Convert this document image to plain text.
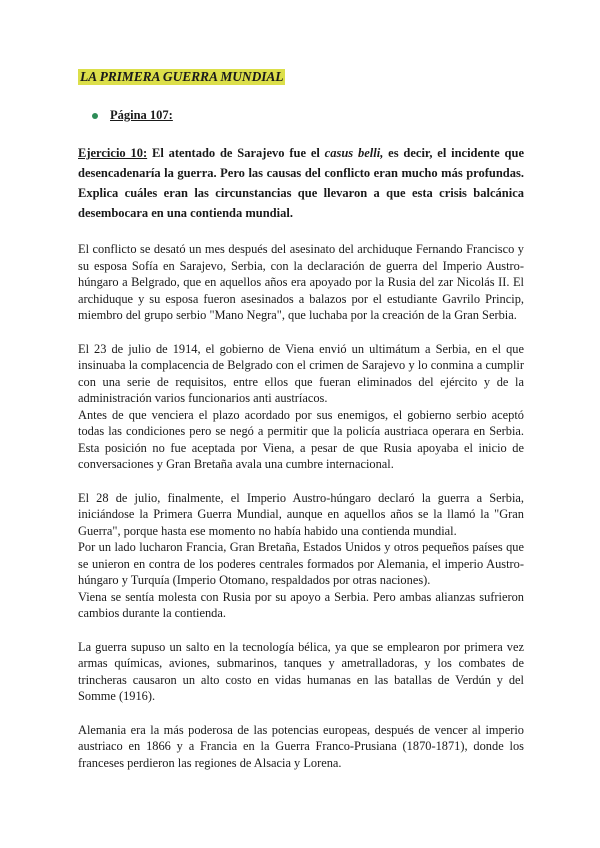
LA PRIMERA GUERRA MUNDIAL
Página 107:
Ejercicio 10: El atentado de Sarajevo fue el casus belli, es decir, el incidente que desencadenaría la guerra. Pero las causas del conflicto eran mucho más profundas. Explica cuáles eran las circunstancias que llevaron a que esta crisis balcánica desembocara en una contienda mundial.

El conflicto se desató un mes después del asesinato del archiduque Fernando Francisco y su esposa Sofía en Sarajevo, Serbia, con la declaración de guerra del Imperio Austro-húngaro a Belgrado, que en aquellos años era apoyado por la Rusia del zar Nicolás II. El archiduque y su esposa fueron asesinados a balazos por el estudiante Gavrilo Princip, miembro del grupo serbio "Mano Negra", que luchaba por la creación de la Gran Serbia.

El 23 de julio de 1914, el gobierno de Viena envió un ultimátum a Serbia, en el que insinuaba la complacencia de Belgrado con el crimen de Sarajevo y lo conmina a cumplir con una serie de requisitos, entre ellos que fueran eliminados del ejército y de la administración varios funcionarios anti austríacos.

Antes de que venciera el plazo acordado por sus enemigos, el gobierno serbio aceptó todas las condiciones pero se negó a permitir que la policía austriaca operara en Serbia. Esta posición no fue aceptada por Viena, a pesar de que Rusia apoyaba el inicio de conversaciones y Gran Bretaña avala una cumbre internacional.

El 28 de julio, finalmente, el Imperio Austro-húngaro declaró la guerra a Serbia, iniciándose la Primera Guerra Mundial, aunque en aquellos años se la llamó la "Gran Guerra", porque hasta ese momento no había habido una contienda mundial.

Por un lado lucharon Francia, Gran Bretaña, Estados Unidos y otros pequeños países que se unieron en contra de los poderes centrales formados por Alemania, el imperio Austro-húngaro y Turquía (Imperio Otomano, respaldados por otras naciones).

Viena se sentía molesta con Rusia por su apoyo a Serbia. Pero ambas alianzas sufrieron cambios durante la contienda.

La guerra supuso un salto en la tecnología bélica, ya que se emplearon por primera vez armas químicas, aviones, submarinos, tanques y ametralladoras, y los combates de trincheras causaron un alto costo en vidas humanas en las batallas de Verdún y del Somme (1916).

Alemania era la más poderosa de las potencias europeas, después de vencer al imperio austriaco en 1866 y a Francia en la Guerra Franco-Prusiana (1870-1871), donde los franceses perdieron las regiones de Alsacia y Lorena.
